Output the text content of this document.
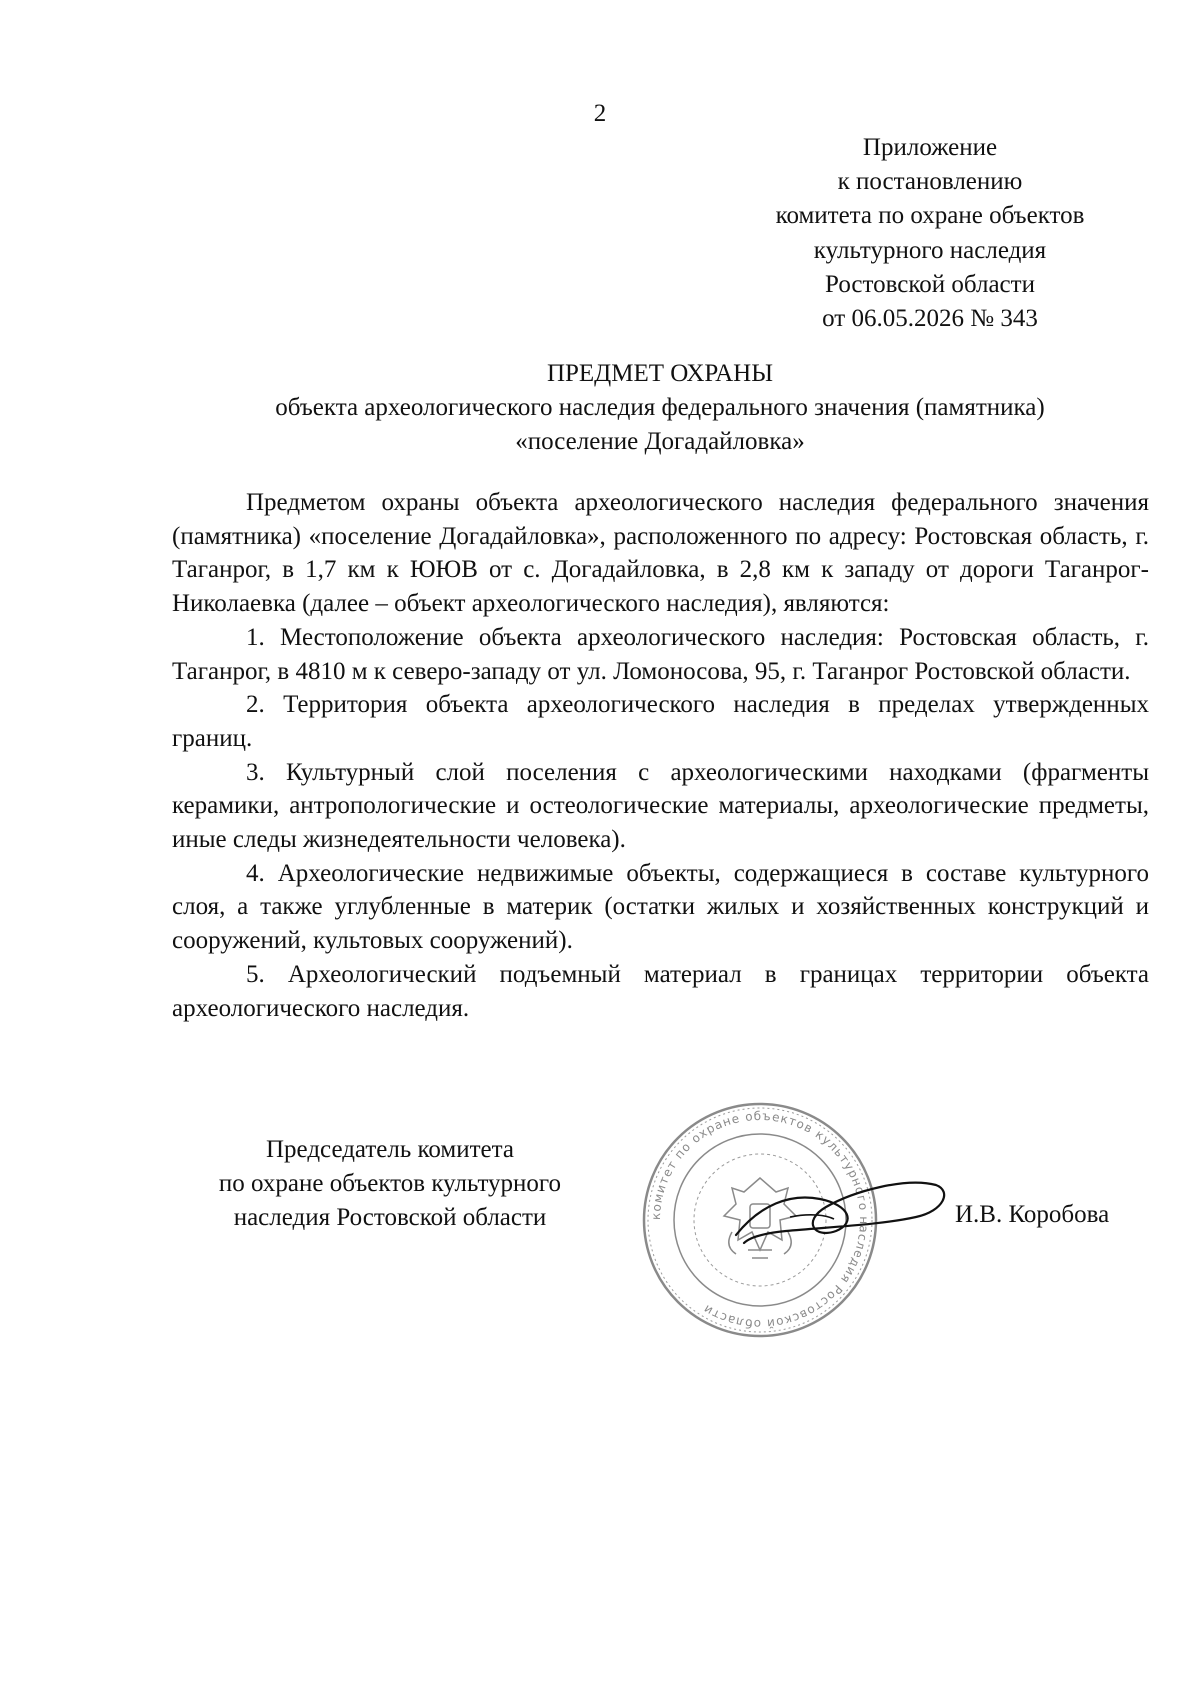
2
Приложение
к постановлению
комитета по охране объектов
культурного наследия
Ростовской области
от 06.05.2026 № 343
ПРЕДМЕТ ОХРАНЫ
объекта археологического наследия федерального значения (памятника)
«поселение Догадайловка»

Предметом охраны объекта археологического наследия федерального значения (памятника) «поселение Догадайловка», расположенного по адресу: Ростовская область, г. Таганрог, в 1,7 км к ЮЮВ от с. Догадайловка, в 2,8 км к западу от дороги Таганрог-Николаевка (далее – объект археологического наследия), являются:

1. Местоположение объекта археологического наследия: Ростовская область, г. Таганрог, в 4810 м к северо-западу от ул. Ломоносова, 95, г. Таганрог Ростовской области.

2. Территория объекта археологического наследия в пределах утвержденных границ.

3. Культурный слой поселения с археологическими находками (фрагменты керамики, антропологические и остеологические материалы, археологические предметы, иные следы жизнедеятельности человека).

4. Археологические недвижимые объекты, содержащиеся в составе культурного слоя, а также углубленные в материк (остатки жилых и хозяйственных конструкций и сооружений, культовых сооружений).

5. Археологический подъемный материал в границах территории объекта археологического наследия.

Председатель комитета
по охране объектов культурного
наследия Ростовской области	комитет по охране объектов культурного наследия Ростовской области
И.В. Коробова
